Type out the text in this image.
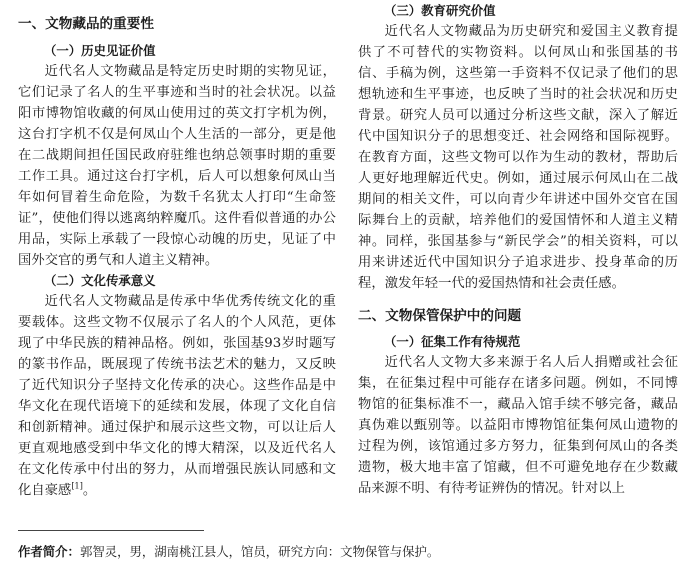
一、文物藏品的重要性
（一）历史见证价值

近代名人文物藏品是特定历史时期的实物见证，它们记录了名人的生平事迹和当时的社会状况。以益阳市博物馆收藏的何凤山使用过的英文打字机为例，这台打字机不仅是何凤山个人生活的一部分，更是他在二战期间担任国民政府驻维也纳总领事时期的重要工作工具。通过这台打字机，后人可以想象何凤山当年如何冒着生命危险，为数千名犹太人打印“生命签证”，使他们得以逃离纳粹魔爪。这件看似普通的办公用品，实际上承载了一段惊心动魄的历史，见证了中国外交官的勇气和人道主义精神。

（二）文化传承意义

近代名人文物藏品是传承中华优秀传统文化的重要载体。这些文物不仅展示了名人的个人风范，更体现了中华民族的精神品格。例如，张国基93岁时题写的篆书作品，既展现了传统书法艺术的魅力，又反映了近代知识分子坚持文化传承的决心。这些作品是中华文化在现代语境下的延续和发展，体现了文化自信和创新精神。通过保护和展示这些文物，可以让后人更直观地感受到中华文化的博大精深，以及近代名人在文化传承中付出的努力，从而增强民族认同感和文化自豪感[1]。

（三）教育研究价值

近代名人文物藏品为历史研究和爱国主义教育提供了不可替代的实物资料。以何凤山和张国基的书信、手稿为例，这些第一手资料不仅记录了他们的思想轨迹和生平事迹，也反映了当时的社会状况和历史背景。研究人员可以通过分析这些文献，深入了解近代中国知识分子的思想变迁、社会网络和国际视野。在教育方面，这些文物可以作为生动的教材，帮助后人更好地理解近代史。例如，通过展示何凤山在二战期间的相关文件，可以向青少年讲述中国外交官在国际舞台上的贡献，培养他们的爱国情怀和人道主义精神。同样，张国基参与“新民学会”的相关资料，可以用来讲述近代中国知识分子追求进步、投身革命的历程，激发年轻一代的爱国热情和社会责任感。

二、文物保管保护中的问题
（一）征集工作有待规范

近代名人文物大多来源于名人后人捐赠或社会征集，在征集过程中可能存在诸多问题。例如，不同博物馆的征集标准不一，藏品入馆手续不够完备，藏品真伪难以甄别等。以益阳市博物馆征集何凤山遗物的过程为例，该馆通过多方努力，征集到何凤山的各类遗物，极大地丰富了馆藏，但不可避免地存在少数藏品来源不明、有待考证辨伪的情况。针对以上

作者简介：郭智灵，男，湖南桃江县人，馆员，研究方向：文物保管与保护。
